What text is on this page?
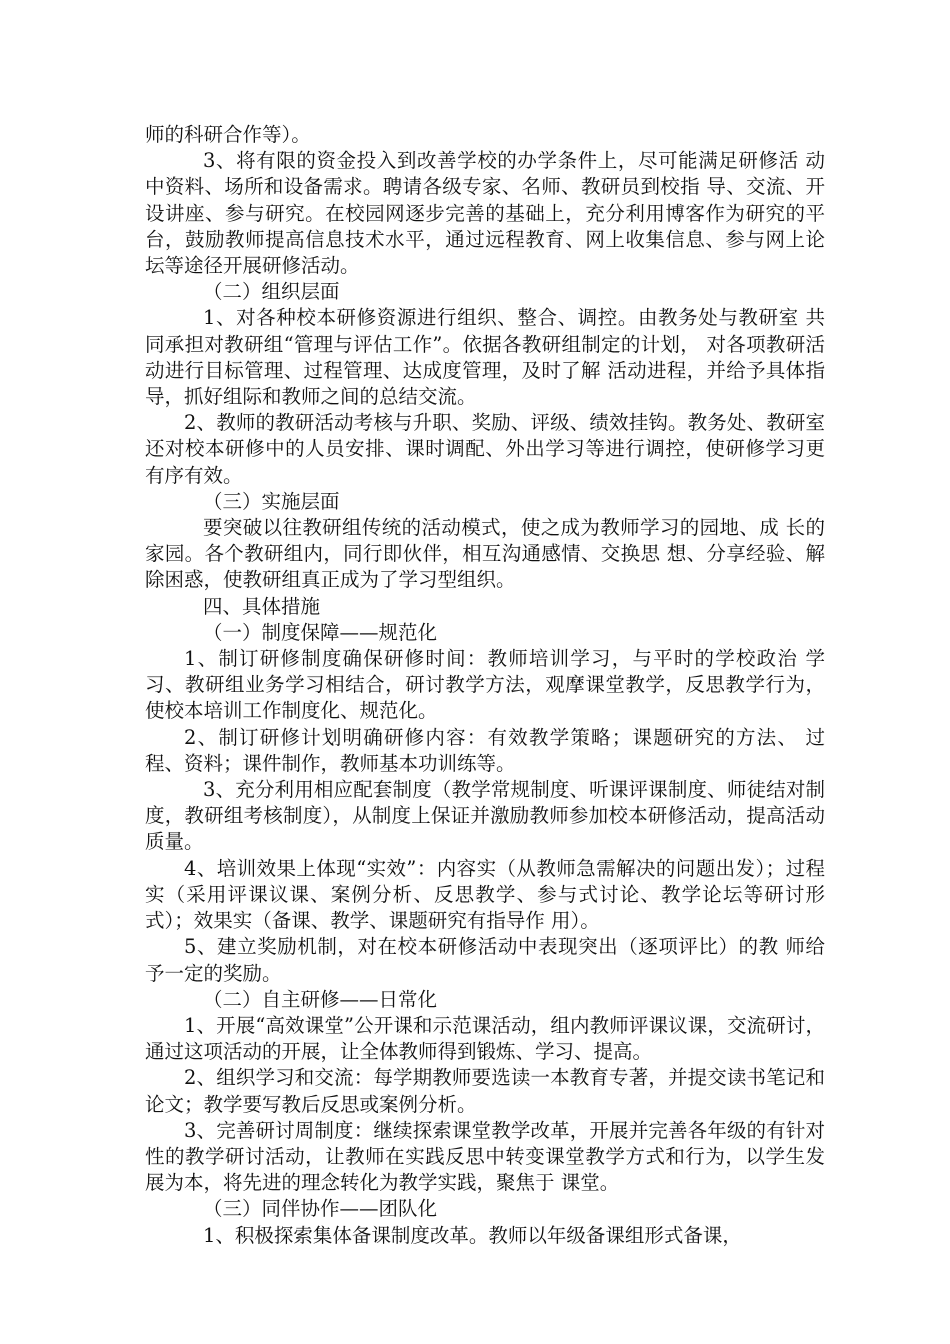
师的科研合作等）。

3、将有限的资金投入到改善学校的办学条件上，尽可能满足研修活 动中资料、场所和设备需求。聘请各级专家、名师、教研员到校指 导、交流、开设讲座、参与研究。在校园网逐步完善的基础上，充分利用博客作为研究的平台，鼓励教师提高信息技术水平，通过远程教育、网上收集信息、参与网上论坛等途径开展研修活动。

（二）组织层面

1、对各种校本研修资源进行组织、整合、调控。由教务处与教研室 共同承担对教研组“管理与评估工作”。依据各教研组制定的计划， 对各项教研活动进行目标管理、过程管理、达成度管理，及时了解 活动进程，并给予具体指导，抓好组际和教师之间的总结交流。

2、教师的教研活动考核与升职、奖励、评级、绩效挂钩。教务处、教研室还对校本研修中的人员安排、课时调配、外出学习等进行调控，使研修学习更有序有效。

（三）实施层面

要突破以往教研组传统的活动模式，使之成为教师学习的园地、成 长的家园。各个教研组内，同行即伙伴，相互沟通感情、交换思 想、分享经验、解除困惑，使教研组真正成为了学习型组织。

四、具体措施

（一）制度保障——规范化

1、制订研修制度确保研修时间：教师培训学习，与平时的学校政治 学习、教研组业务学习相结合，研讨教学方法，观摩课堂教学，反思教学行为，使校本培训工作制度化、规范化。

2、制订研修计划明确研修内容：有效教学策略；课题研究的方法、 过程、资料；课件制作，教师基本功训练等。

3、充分利用相应配套制度（教学常规制度、听课评课制度、师徒结对制度，教研组考核制度），从制度上保证并激励教师参加校本研修活动，提高活动质量。

4、培训效果上体现“实效”：内容实（从教师急需解决的问题出发）；过程实（采用评课议课、案例分析、反思教学、参与式讨论、教学论坛等研讨形式）；效果实（备课、教学、课题研究有指导作 用）。

5、建立奖励机制，对在校本研修活动中表现突出（逐项评比）的教 师给予一定的奖励。

（二）自主研修——日常化

1、开展“高效课堂”公开课和示范课活动，组内教师评课议课，交流研讨，通过这项活动的开展，让全体教师得到锻炼、学习、提高。

2、组织学习和交流：每学期教师要选读一本教育专著，并提交读书笔记和论文；教学要写教后反思或案例分析。

3、完善研讨周制度：继续探索课堂教学改革，开展并完善各年级的有针对性的教学研讨活动，让教师在实践反思中转变课堂教学方式和行为，以学生发展为本，将先进的理念转化为教学实践，聚焦于 课堂。

（三）同伴协作——团队化

1、积极探索集体备课制度改革。教师以年级备课组形式备课，
